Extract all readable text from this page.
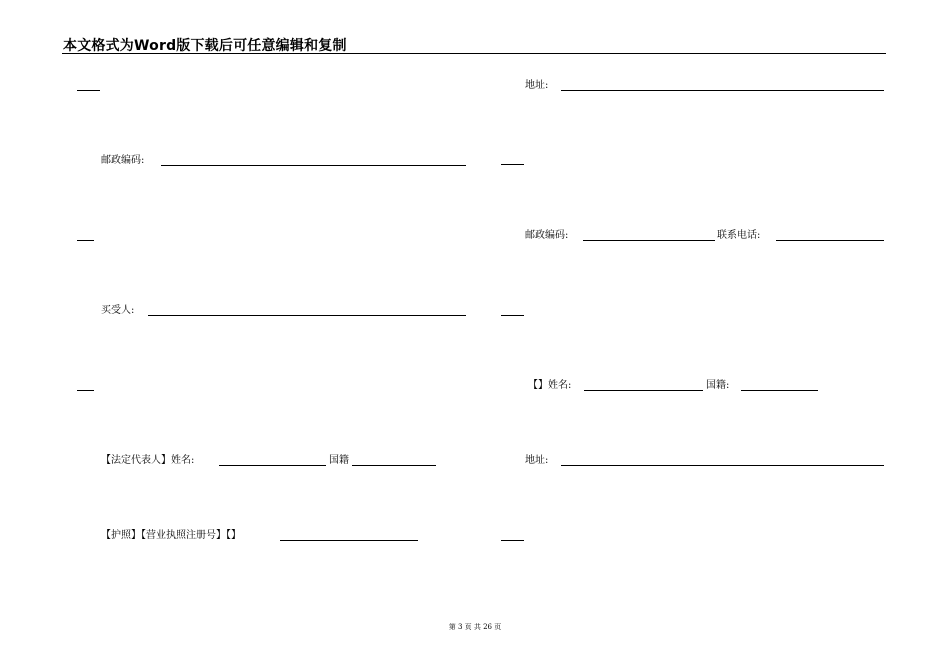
本文格式为Word版下载后可任意编辑和复制
邮政编码:
买受人:
【法定代表人】姓名:	国籍
【护照】【营业执照注册号】【】
地址:
邮政编码:	联系电话:
【】姓名:	国籍:
地址:
第 3 页 共 26 页
